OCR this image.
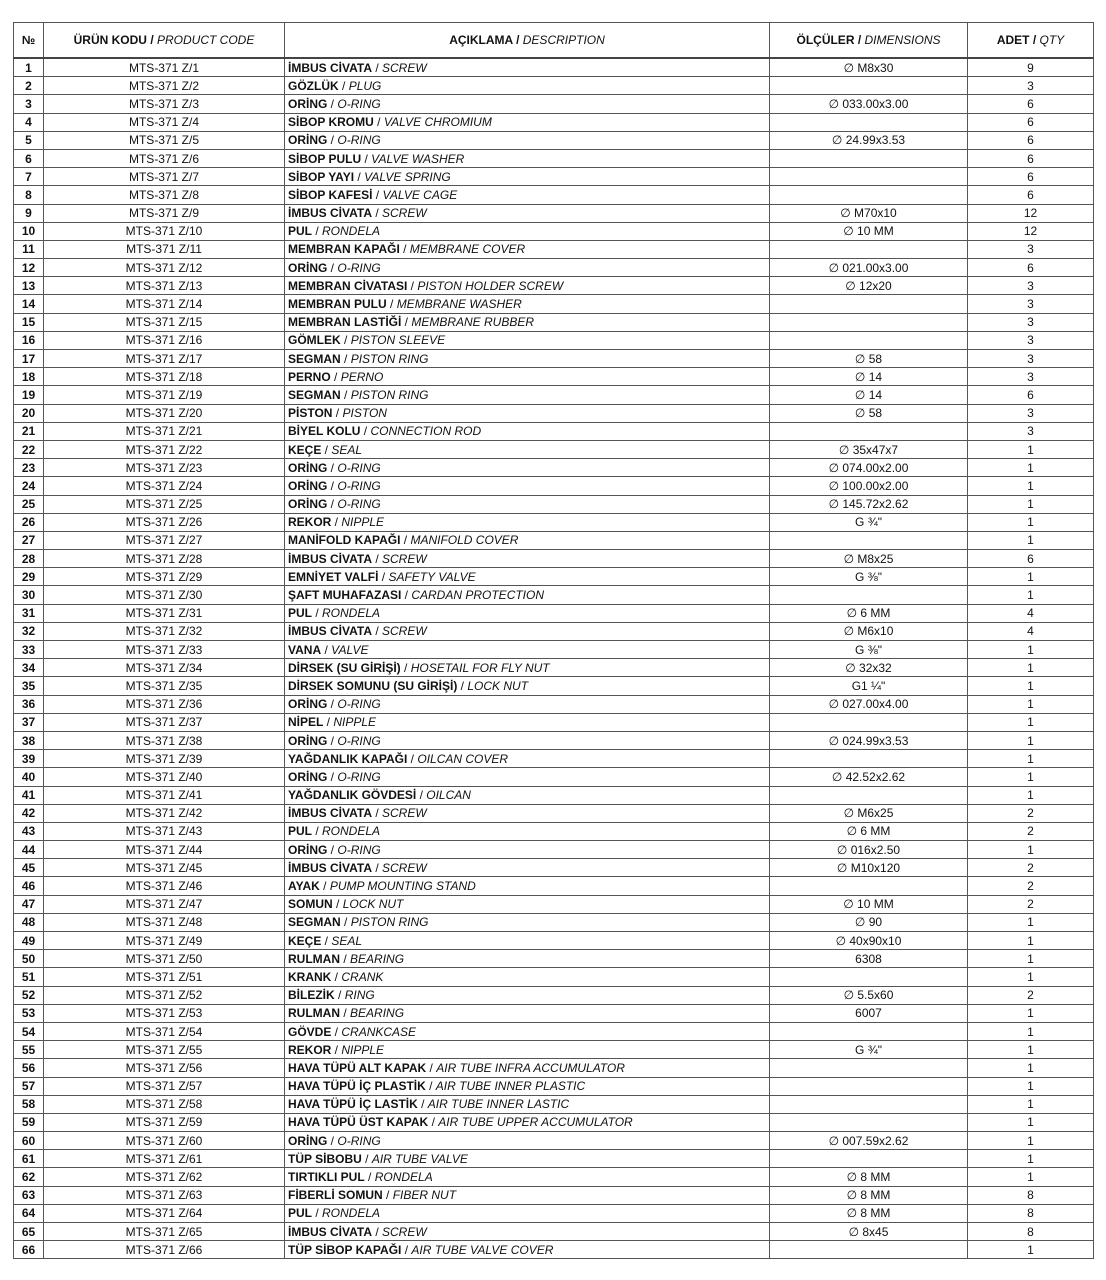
№	ÜRÜN KODU / PRODUCT CODE	AÇIKLAMA / DESCRIPTION	ÖLÇÜLER / DIMENSIONS	ADET / QTY
1	MTS-371 Z/1	İMBUS CİVATA / SCREW	∅ M8x30	9
2	MTS-371 Z/2	GÖZLÜK / PLUG		3
3	MTS-371 Z/3	ORİNG / O-RING	∅ 033.00x3.00	6
4	MTS-371 Z/4	SİBOP KROMU / VALVE CHROMIUM		6
5	MTS-371 Z/5	ORİNG / O-RING	∅ 24.99x3.53	6
6	MTS-371 Z/6	SİBOP PULU / VALVE WASHER		6
7	MTS-371 Z/7	SİBOP YAYI / VALVE SPRING		6
8	MTS-371 Z/8	SİBOP KAFESİ / VALVE CAGE		6
9	MTS-371 Z/9	İMBUS CİVATA / SCREW	∅ M70x10	12
10	MTS-371 Z/10	PUL / RONDELA	∅ 10 MM	12
11	MTS-371 Z/11	MEMBRAN KAPAĞI / MEMBRANE COVER		3
12	MTS-371 Z/12	ORİNG / O-RING	∅ 021.00x3.00	6
13	MTS-371 Z/13	MEMBRAN CİVATASI / PISTON HOLDER SCREW	∅ 12x20	3
14	MTS-371 Z/14	MEMBRAN PULU / MEMBRANE WASHER		3
15	MTS-371 Z/15	MEMBRAN LASTİĞİ / MEMBRANE RUBBER		3
16	MTS-371 Z/16	GÖMLEK / PISTON SLEEVE		3
17	MTS-371 Z/17	SEGMAN / PISTON RING	∅ 58	3
18	MTS-371 Z/18	PERNO / PERNO	∅ 14	3
19	MTS-371 Z/19	SEGMAN / PISTON RING	∅ 14	6
20	MTS-371 Z/20	PİSTON / PISTON	∅ 58	3
21	MTS-371 Z/21	BİYEL KOLU / CONNECTION ROD		3
22	MTS-371 Z/22	KEÇE / SEAL	∅ 35x47x7	1
23	MTS-371 Z/23	ORİNG / O-RING	∅ 074.00x2.00	1
24	MTS-371 Z/24	ORİNG / O-RING	∅ 100.00x2.00	1
25	MTS-371 Z/25	ORİNG / O-RING	∅ 145.72x2.62	1
26	MTS-371 Z/26	REKOR / NIPPLE	G ¾"	1
27	MTS-371 Z/27	MANİFOLD KAPAĞI / MANIFOLD COVER		1
28	MTS-371 Z/28	İMBUS CİVATA / SCREW	∅ M8x25	6
29	MTS-371 Z/29	EMNİYET VALFİ / SAFETY VALVE	G ⅜"	1
30	MTS-371 Z/30	ŞAFT MUHAFAZASI / CARDAN PROTECTION		1
31	MTS-371 Z/31	PUL / RONDELA	∅ 6 MM	4
32	MTS-371 Z/32	İMBUS CİVATA / SCREW	∅ M6x10	4
33	MTS-371 Z/33	VANA / VALVE	G ⅜"	1
34	MTS-371 Z/34	DİRSEK (SU GİRİŞİ) / HOSETAIL FOR FLY NUT	∅ 32x32	1
35	MTS-371 Z/35	DİRSEK SOMUNU (SU GİRİŞİ) / LOCK NUT	G1 ¼"	1
36	MTS-371 Z/36	ORİNG / O-RING	∅ 027.00x4.00	1
37	MTS-371 Z/37	NİPEL / NIPPLE		1
38	MTS-371 Z/38	ORİNG / O-RING	∅ 024.99x3.53	1
39	MTS-371 Z/39	YAĞDANLIK KAPAĞI / OILCAN COVER		1
40	MTS-371 Z/40	ORİNG / O-RING	∅ 42.52x2.62	1
41	MTS-371 Z/41	YAĞDANLIK GÖVDESİ / OILCAN		1
42	MTS-371 Z/42	İMBUS CİVATA / SCREW	∅ M6x25	2
43	MTS-371 Z/43	PUL / RONDELA	∅ 6 MM	2
44	MTS-371 Z/44	ORİNG / O-RING	∅ 016x2.50	1
45	MTS-371 Z/45	İMBUS CİVATA / SCREW	∅ M10x120	2
46	MTS-371 Z/46	AYAK / PUMP MOUNTING STAND		2
47	MTS-371 Z/47	SOMUN / LOCK NUT	∅ 10 MM	2
48	MTS-371 Z/48	SEGMAN / PISTON RING	∅ 90	1
49	MTS-371 Z/49	KEÇE / SEAL	∅ 40x90x10	1
50	MTS-371 Z/50	RULMAN / BEARING	6308	1
51	MTS-371 Z/51	KRANK / CRANK		1
52	MTS-371 Z/52	BİLEZİK / RING	∅ 5.5x60	2
53	MTS-371 Z/53	RULMAN / BEARING	6007	1
54	MTS-371 Z/54	GÖVDE / CRANKCASE		1
55	MTS-371 Z/55	REKOR / NIPPLE	G ¾"	1
56	MTS-371 Z/56	HAVA TÜPÜ ALT KAPAK / AIR TUBE INFRA ACCUMULATOR		1
57	MTS-371 Z/57	HAVA TÜPÜ İÇ PLASTİK / AIR TUBE INNER PLASTIC		1
58	MTS-371 Z/58	HAVA TÜPÜ İÇ LASTİK / AIR TUBE INNER LASTIC		1
59	MTS-371 Z/59	HAVA TÜPÜ ÜST KAPAK / AIR TUBE UPPER ACCUMULATOR		1
60	MTS-371 Z/60	ORİNG / O-RING	∅ 007.59x2.62	1
61	MTS-371 Z/61	TÜP SİBOBU / AIR TUBE VALVE		1
62	MTS-371 Z/62	TIRTIKLI PUL / RONDELA	∅ 8 MM	1
63	MTS-371 Z/63	FİBERLİ SOMUN / FIBER NUT	∅ 8 MM	8
64	MTS-371 Z/64	PUL / RONDELA	∅ 8 MM	8
65	MTS-371 Z/65	İMBUS CİVATA / SCREW	∅ 8x45	8
66	MTS-371 Z/66	TÜP SİBOP KAPAĞI / AIR TUBE VALVE COVER		1
